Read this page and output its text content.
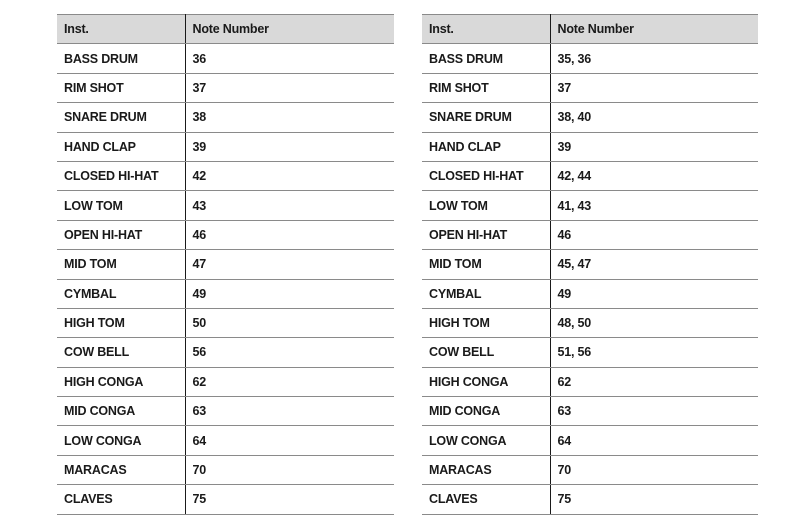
Inst.	Note Number
BASS DRUM	36
RIM SHOT	37
SNARE DRUM	38
HAND CLAP	39
CLOSED HI-HAT	42
LOW TOM	43
OPEN HI-HAT	46
MID TOM	47
CYMBAL	49
HIGH TOM	50
COW BELL	56
HIGH CONGA	62
MID CONGA	63
LOW CONGA	64
MARACAS	70
CLAVES	75
Inst.	Note Number
BASS DRUM	35, 36
RIM SHOT	37
SNARE DRUM	38, 40
HAND CLAP	39
CLOSED HI-HAT	42, 44
LOW TOM	41, 43
OPEN HI-HAT	46
MID TOM	45, 47
CYMBAL	49
HIGH TOM	48, 50
COW BELL	51, 56
HIGH CONGA	62
MID CONGA	63
LOW CONGA	64
MARACAS	70
CLAVES	75
